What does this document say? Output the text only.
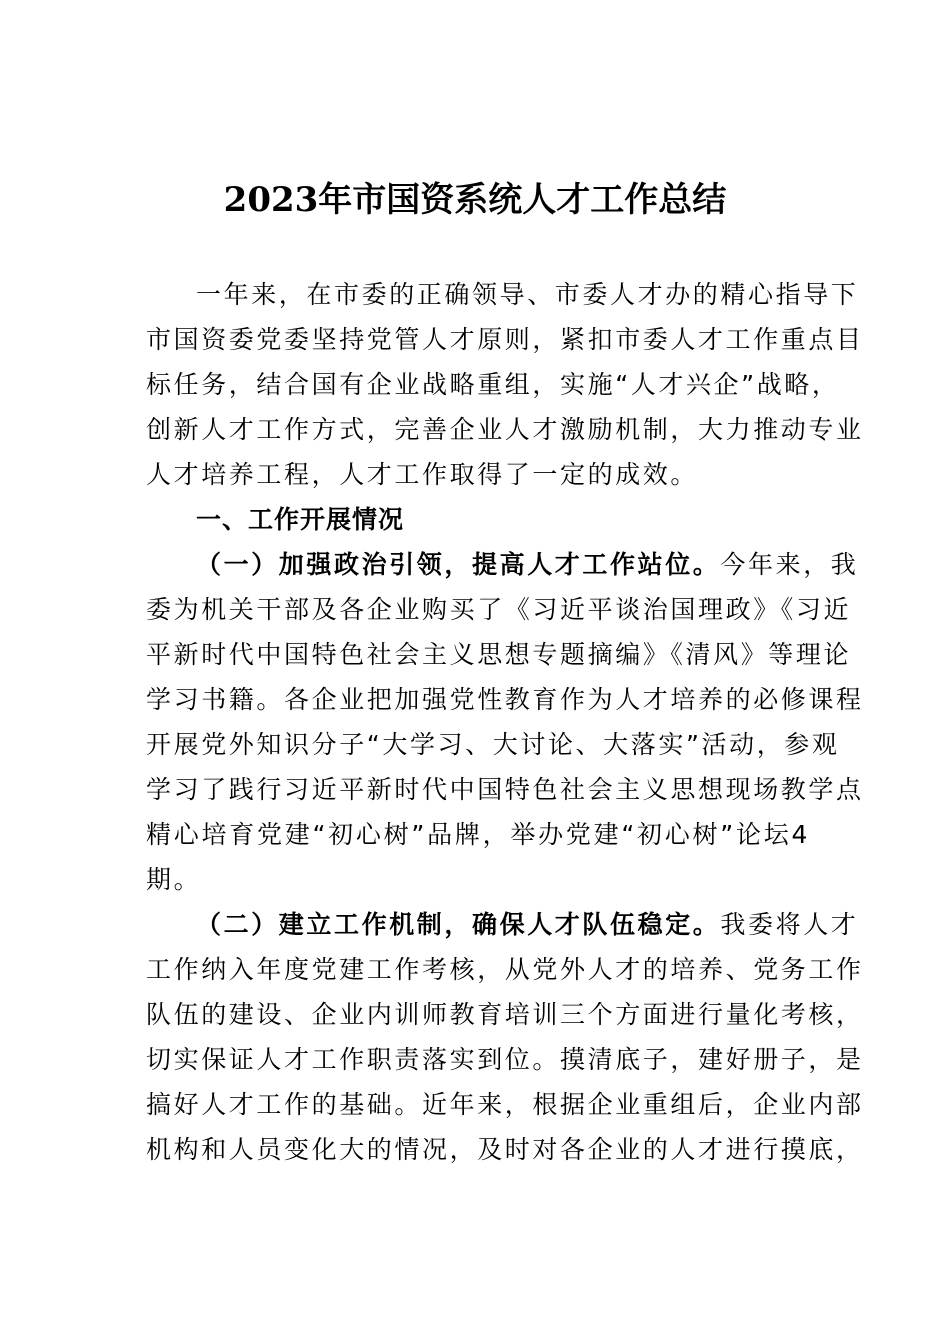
2023年市国资系统人才工作总结
一年来，在市委的正确领导、市委人才办的精心指导下
市国资委党委坚持党管人才原则，紧扣市委人才工作重点目
标任务，结合国有企业战略重组，实施“人才兴企”战略，
创新人才工作方式，完善企业人才激励机制，大力推动专业
人才培养工程，人才工作取得了一定的成效。
一、工作开展情况
（一）加强政治引领，提高人才工作站位。今年来，我
委为机关干部及各企业购买了《习近平谈治国理政》《习近
平新时代中国特色社会主义思想专题摘编》《清风》等理论
学习书籍。各企业把加强党性教育作为人才培养的必修课程
开展党外知识分子“大学习、大讨论、大落实”活动，参观
学习了践行习近平新时代中国特色社会主义思想现场教学点
精心培育党建“初心树”品牌，举办党建“初心树”论坛4
期。
（二）建立工作机制，确保人才队伍稳定。我委将人才
工作纳入年度党建工作考核，从党外人才的培养、党务工作
队伍的建设、企业内训师教育培训三个方面进行量化考核，
切实保证人才工作职责落实到位。摸清底子，建好册子，是
搞好人才工作的基础。近年来，根据企业重组后，企业内部
机构和人员变化大的情况，及时对各企业的人才进行摸底，
